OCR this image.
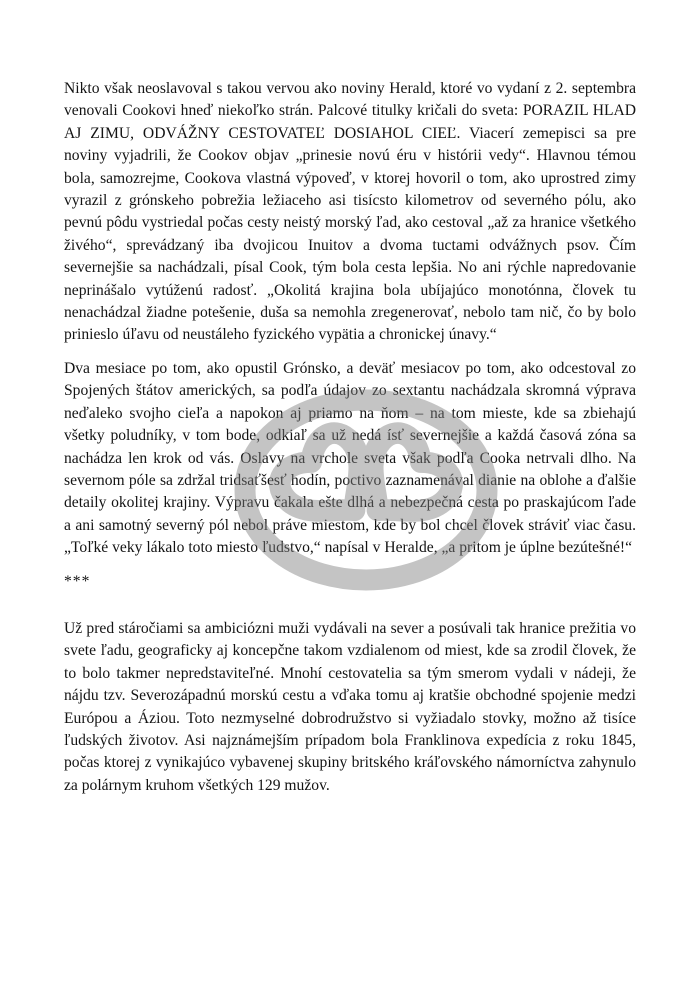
Nikto však neoslavoval s takou vervou ako noviny Herald, ktoré vo vydaní z 2. septembra venovali Cookovi hneď niekoľko strán. Palcové titulky kričali do sveta: PORAZIL HLAD AJ ZIMU, ODVÁŽNY CESTOVATEĽ DOSIAHOL CIEĽ. Viacerí zemepisci sa pre noviny vyjadrili, že Cookov objav „prinesie novú éru v histórii vedy“. Hlavnou témou bola, samozrejme, Cookova vlastná výpoveď, v ktorej hovoril o tom, ako uprostred zimy vyrazil z grónskeho pobrežia ležiaceho asi tisícsto kilometrov od severného pólu, ako pevnú pôdu vystriedal počas cesty neistý morský ľad, ako cestoval „až za hranice všetkého živého“, sprevádzaný iba dvojicou Inuitov a dvoma tuctami odvážnych psov. Čím severnejšie sa nachádzali, písal Cook, tým bola cesta lepšia. No ani rýchle napredovanie neprinášalo vytúženú radosť. „Okolitá krajina bola ubíjajúco monotónna, človek tu nenachádzal žiadne potešenie, duša sa nemohla zregenerovať, nebolo tam nič, čo by bolo prinieslo úľavu od neustáleho fyzického vypätia a chronickej únavy.“

Dva mesiace po tom, ako opustil Grónsko, a deväť mesiacov po tom, ako odcestoval zo Spojených štátov amerických, sa podľa údajov zo sextantu nachádzala skromná výprava neďaleko svojho cieľa a napokon aj priamo na ňom – na tom mieste, kde sa zbiehajú všetky poludníky, v tom bode, odkiaľ sa už nedá ísť severnejšie a každá časová zóna sa nachádza len krok od vás. Oslavy na vrchole sveta však podľa Cooka netrvali dlho. Na severnom póle sa zdržal tridsaťšesť hodín, poctivo zaznamenával dianie na oblohe a ďalšie detaily okolitej krajiny. Výpravu čakala ešte dlhá a nebezpečná cesta po praskajúcom ľade a ani samotný severný pól nebol práve miestom, kde by bol chcel človek stráviť viac času. „Toľké veky lákalo toto miesto ľudstvo,“ napísal v Heralde, „a pritom je úplne bezútešné!“

***

Už pred stáročiami sa ambiciózni muži vydávali na sever a posúvali tak hranice prežitia vo svete ľadu, geograficky aj koncepčne takom vzdialenom od miest, kde sa zrodil človek, že to bolo takmer nepredstaviteľné. Mnohí cestovatelia sa tým smerom vydali v nádeji, že nájdu tzv. Severozápadnú morskú cestu a vďaka tomu aj kratšie obchodné spojenie medzi Európou a Áziou. Toto nezmyselné dobrodružstvo si vyžiadalo stovky, možno až tisíce ľudských životov. Asi najznámejším prípadom bola Franklinova expedícia z roku 1845, počas ktorej z vynikajúco vybavenej skupiny britského kráľovského námorníctva zahynulo za polárnym kruhom všetkých 129 mužov.
